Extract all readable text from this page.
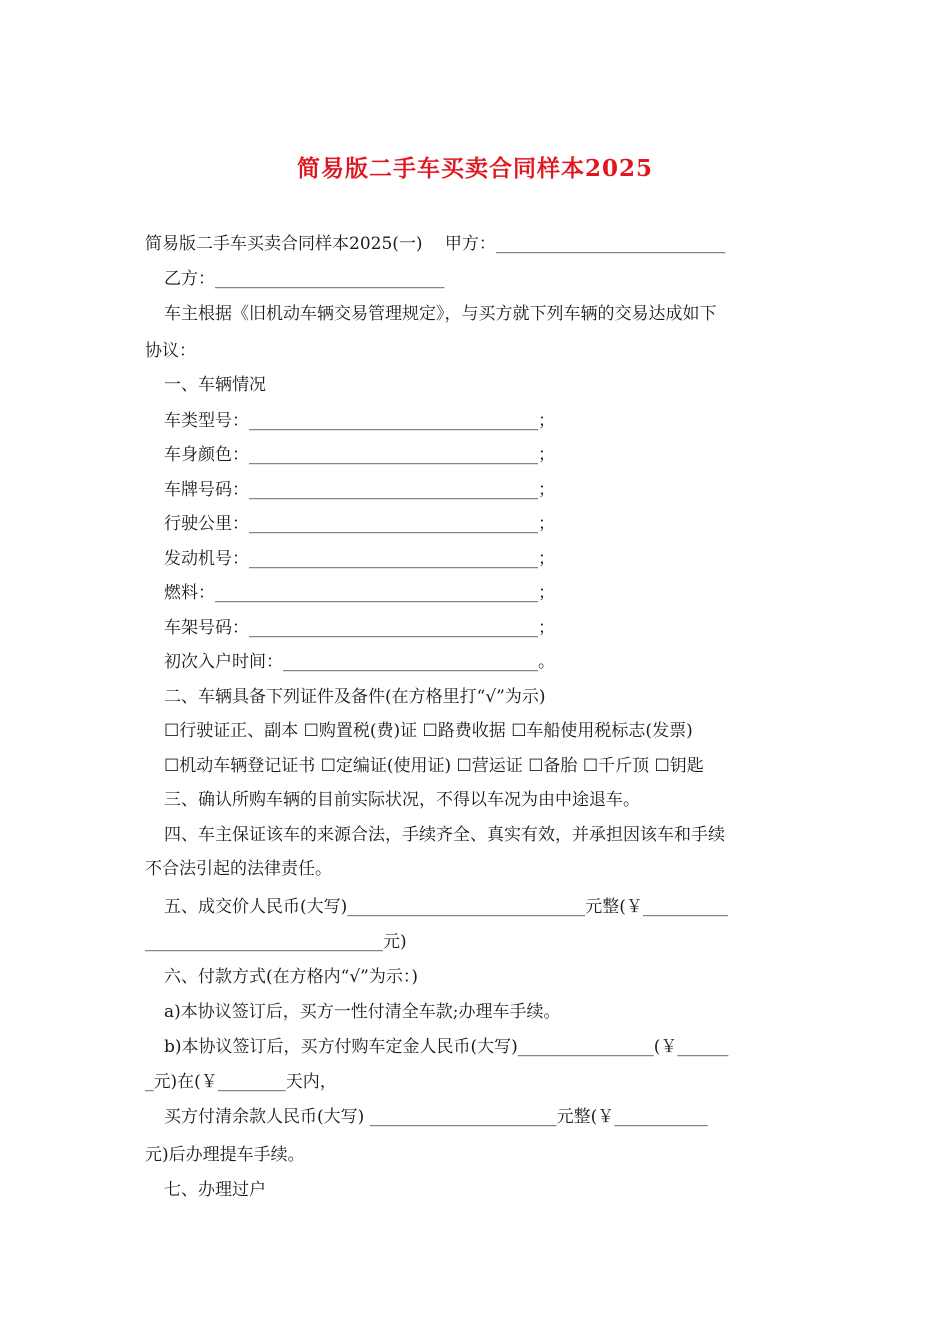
简易版二手车买卖合同样本2025
简易版二手车买卖合同样本2025(一)　 甲方：___________________________
乙方：___________________________
车主根据《旧机动车辆交易管理规定》，与买方就下列车辆的交易达成如下
协议：
一、车辆情况
车类型号：__________________________________；
车身颜色：__________________________________；
车牌号码：__________________________________；
行驶公里：__________________________________；
发动机号：__________________________________；
燃料：______________________________________；
车架号码：__________________________________；
初次入户时间：______________________________。
二、车辆具备下列证件及备件(在方格里打“√”为示)
☐行驶证正、副本 ☐购置税(费)证 ☐路费收据 ☐车船使用税标志(发票)
☐机动车辆登记证书 ☐定编证(使用证) ☐营运证 ☐备胎 ☐千斤顶 ☐钥匙
三、确认所购车辆的目前实际状况，不得以车况为由中途退车。
四、车主保证该车的来源合法，手续齐全、真实有效，并承担因该车和手续
不合法引起的法律责任。
五、成交价人民币(大写)____________________________元整(￥__________
____________________________元)
六、付款方式(在方格内“√”为示：)
a)本协议签订后，买方一性付清全车款;办理车手续。
b)本协议签订后，买方付购车定金人民币(大写)________________(￥______
_元)在(￥________天内，
买方付清余款人民币(大写) ______________________元整(￥___________
元)后办理提车手续。
七、办理过户
